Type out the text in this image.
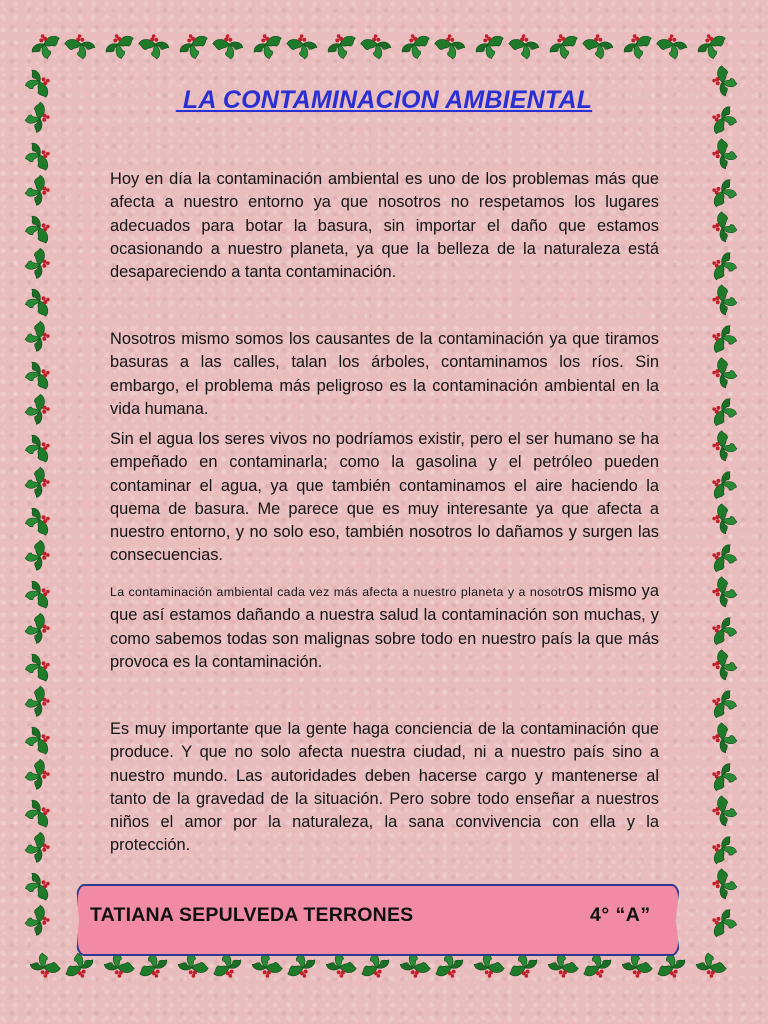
LA CONTAMINACION AMBIENTAL

Hoy en día la contaminación ambiental es uno de los problemas más que afecta a nuestro entorno ya que nosotros no respetamos los lugares adecuados para botar la basura, sin importar el daño que estamos ocasionando a nuestro planeta, ya que la belleza de la naturaleza está desapareciendo a tanta contaminación.

Nosotros mismo somos los causantes de la contaminación ya que tiramos basuras a las calles, talan los árboles, contaminamos los ríos. Sin embargo, el problema más peligroso es la contaminación ambiental en la vida humana.

Sin el agua los seres vivos no podríamos existir, pero el ser humano se ha empeñado en contaminarla; como la gasolina y el petróleo pueden contaminar el agua, ya que también contaminamos el aire haciendo la quema de basura. Me parece que es muy interesante ya que afecta a nuestro entorno, y no solo eso, también nosotros lo dañamos y surgen las consecuencias.

La contaminación ambiental cada vez más afecta a nuestro planeta y a nosotros mismo ya que así estamos dañando a nuestra salud la contaminación son muchas, y como sabemos todas son malignas sobre todo en nuestro país la que más provoca es la contaminación.

Es muy importante que la gente haga conciencia de la contaminación que produce. Y que no solo afecta nuestra ciudad, ni a nuestro país sino a nuestro mundo. Las autoridades deben hacerse cargo y mantenerse al tanto de la gravedad de la situación. Pero sobre todo enseñar a nuestros niños el amor por la naturaleza, la sana convivencia con ella y la protección.

TATIANA SEPULVEDA TERRONES	4° “A”
